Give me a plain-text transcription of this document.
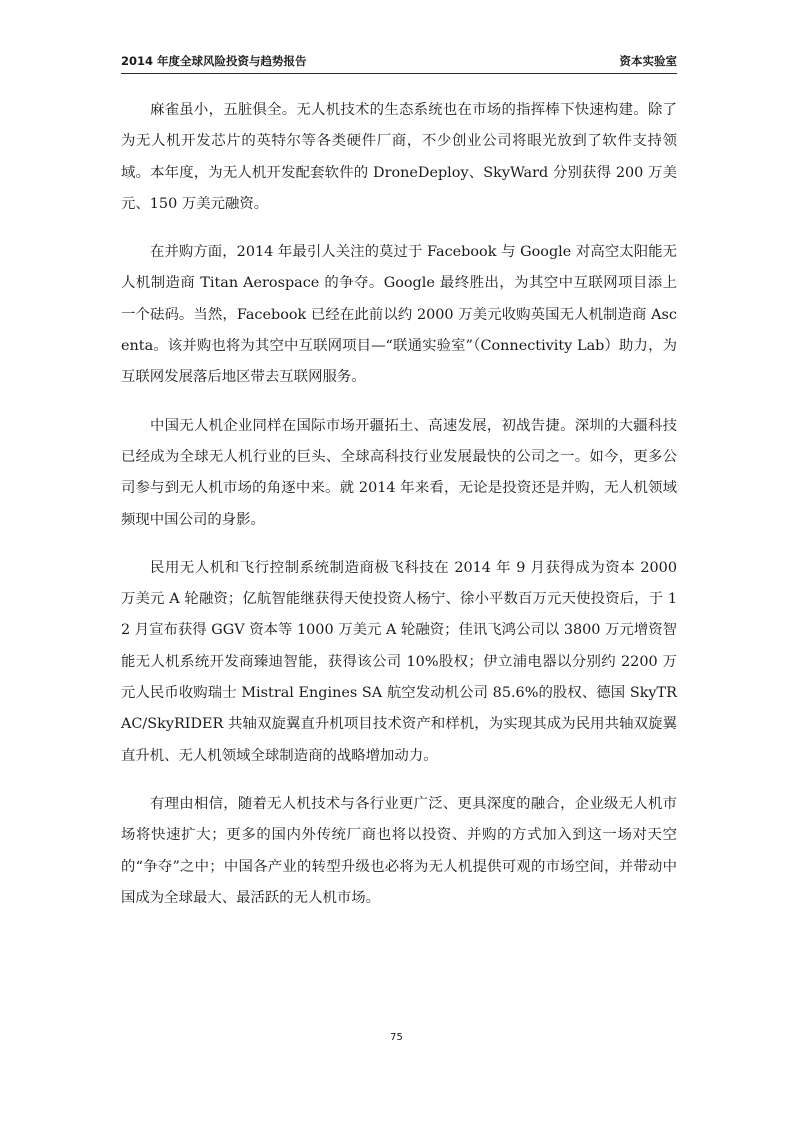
2014 年度全球风险投资与趋势报告	资本实验室

麻雀虽小，五脏俱全。无人机技术的生态系统也在市场的指挥棒下快速构建。除了为无人机开发芯片的英特尔等各类硬件厂商，不少创业公司将眼光放到了软件支持领域。本年度，为无人机开发配套软件的 DroneDeploy、SkyWard 分别获得 200 万美元、150 万美元融资。

在并购方面，2014 年最引人关注的莫过于 Facebook 与 Google 对高空太阳能无人机制造商 Titan Aerospace 的争夺。Google 最终胜出，为其空中互联网项目添上一个砝码。当然，Facebook 已经在此前以约 2000 万美元收购英国无人机制造商 Ascenta。该并购也将为其空中互联网项目—“联通实验室”（Connectivity Lab）助力，为互联网发展落后地区带去互联网服务。

中国无人机企业同样在国际市场开疆拓土、高速发展，初战告捷。深圳的大疆科技已经成为全球无人机行业的巨头、全球高科技行业发展最快的公司之一。如今，更多公司参与到无人机市场的角逐中来。就 2014 年来看，无论是投资还是并购，无人机领域频现中国公司的身影。

民用无人机和飞行控制系统制造商极飞科技在 2014 年 9 月获得成为资本 2000 万美元 A 轮融资；亿航智能继获得天使投资人杨宁、徐小平数百万元天使投资后，于 12 月宣布获得 GGV 资本等 1000 万美元 A 轮融资；佳讯飞鸿公司以 3800 万元增资智能无人机系统开发商臻迪智能，获得该公司 10%股权；伊立浦电器以分别约 2200 万元人民币收购瑞士 Mistral Engines SA 航空发动机公司 85.6%的股权、德国 SkyTRAC/SkyRIDER 共轴双旋翼直升机项目技术资产和样机，为实现其成为民用共轴双旋翼直升机、无人机领域全球制造商的战略增加动力。

有理由相信，随着无人机技术与各行业更广泛、更具深度的融合，企业级无人机市场将快速扩大；更多的国内外传统厂商也将以投资、并购的方式加入到这一场对天空的“争夺”之中；中国各产业的转型升级也必将为无人机提供可观的市场空间，并带动中国成为全球最大、最活跃的无人机市场。

75
